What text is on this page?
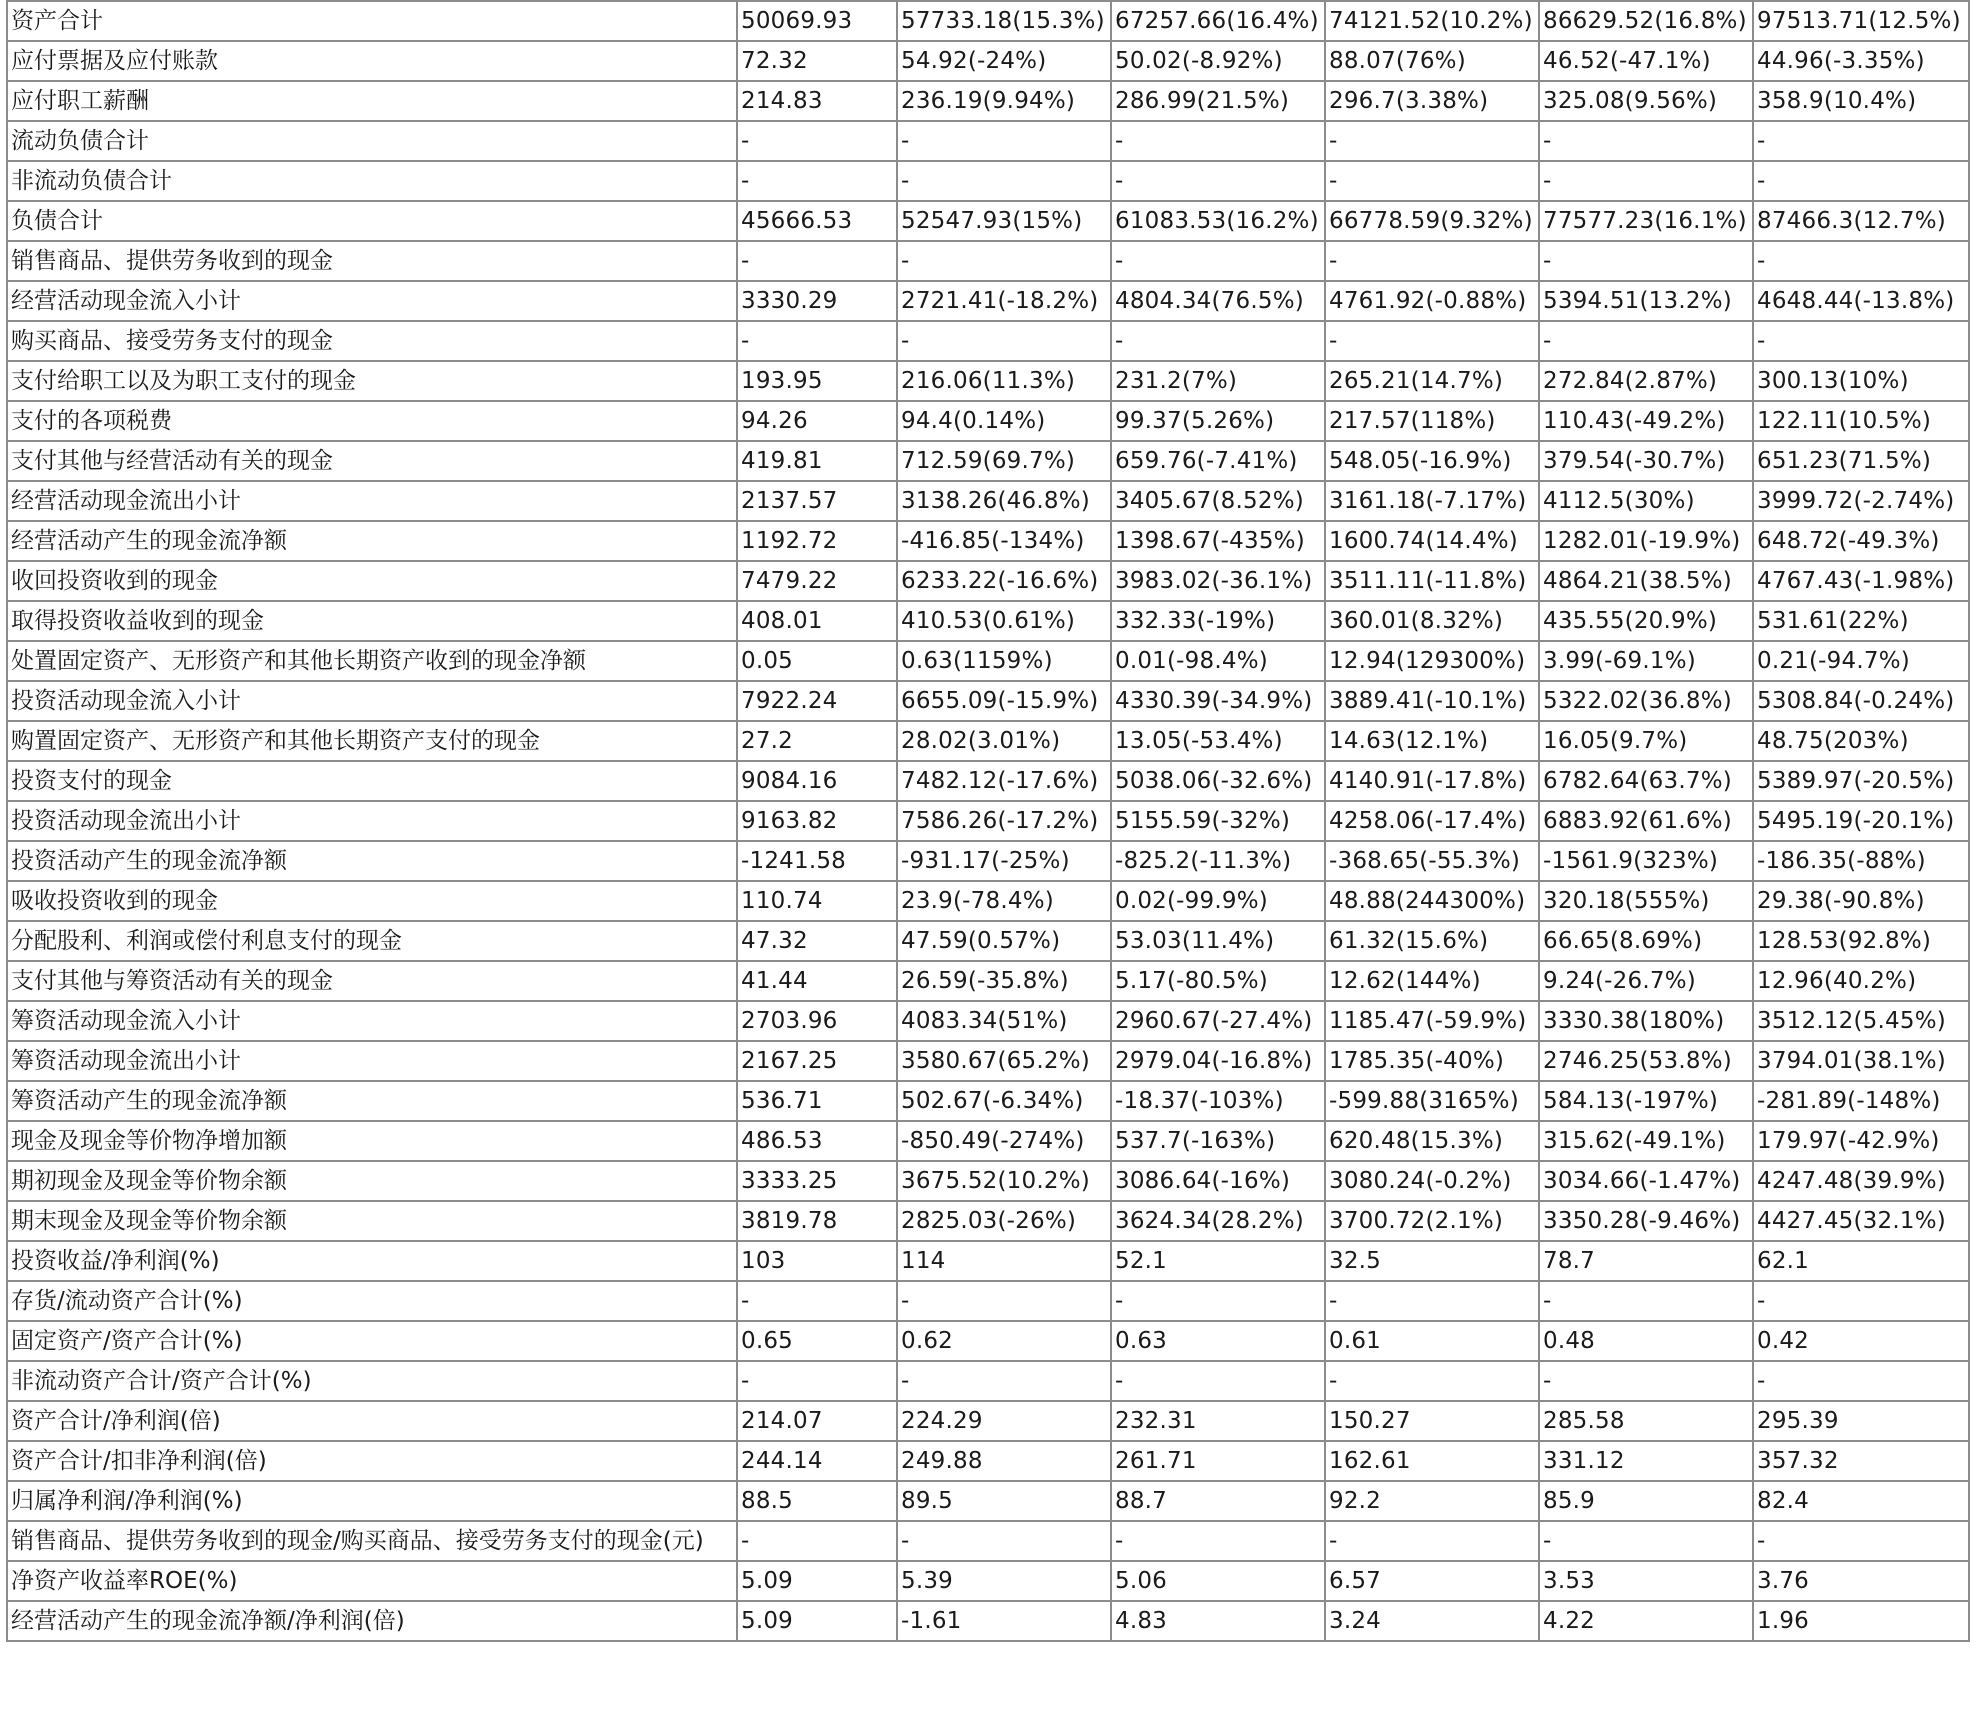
资产合计	50069.93	57733.18(15.3%)	67257.66(16.4%)	74121.52(10.2%)	86629.52(16.8%)	97513.71(12.5%)
应付票据及应付账款	72.32	54.92(-24%)	50.02(-8.92%)	88.07(76%)	46.52(-47.1%)	44.96(-3.35%)
应付职工薪酬	214.83	236.19(9.94%)	286.99(21.5%)	296.7(3.38%)	325.08(9.56%)	358.9(10.4%)
流动负债合计	-	-	-	-	-	-
非流动负债合计	-	-	-	-	-	-
负债合计	45666.53	52547.93(15%)	61083.53(16.2%)	66778.59(9.32%)	77577.23(16.1%)	87466.3(12.7%)
销售商品、提供劳务收到的现金	-	-	-	-	-	-
经营活动现金流入小计	3330.29	2721.41(-18.2%)	4804.34(76.5%)	4761.92(-0.88%)	5394.51(13.2%)	4648.44(-13.8%)
购买商品、接受劳务支付的现金	-	-	-	-	-	-
支付给职工以及为职工支付的现金	193.95	216.06(11.3%)	231.2(7%)	265.21(14.7%)	272.84(2.87%)	300.13(10%)
支付的各项税费	94.26	94.4(0.14%)	99.37(5.26%)	217.57(118%)	110.43(-49.2%)	122.11(10.5%)
支付其他与经营活动有关的现金	419.81	712.59(69.7%)	659.76(-7.41%)	548.05(-16.9%)	379.54(-30.7%)	651.23(71.5%)
经营活动现金流出小计	2137.57	3138.26(46.8%)	3405.67(8.52%)	3161.18(-7.17%)	4112.5(30%)	3999.72(-2.74%)
经营活动产生的现金流净额	1192.72	-416.85(-134%)	1398.67(-435%)	1600.74(14.4%)	1282.01(-19.9%)	648.72(-49.3%)
收回投资收到的现金	7479.22	6233.22(-16.6%)	3983.02(-36.1%)	3511.11(-11.8%)	4864.21(38.5%)	4767.43(-1.98%)
取得投资收益收到的现金	408.01	410.53(0.61%)	332.33(-19%)	360.01(8.32%)	435.55(20.9%)	531.61(22%)
处置固定资产、无形资产和其他长期资产收到的现金净额	0.05	0.63(1159%)	0.01(-98.4%)	12.94(129300%)	3.99(-69.1%)	0.21(-94.7%)
投资活动现金流入小计	7922.24	6655.09(-15.9%)	4330.39(-34.9%)	3889.41(-10.1%)	5322.02(36.8%)	5308.84(-0.24%)
购置固定资产、无形资产和其他长期资产支付的现金	27.2	28.02(3.01%)	13.05(-53.4%)	14.63(12.1%)	16.05(9.7%)	48.75(203%)
投资支付的现金	9084.16	7482.12(-17.6%)	5038.06(-32.6%)	4140.91(-17.8%)	6782.64(63.7%)	5389.97(-20.5%)
投资活动现金流出小计	9163.82	7586.26(-17.2%)	5155.59(-32%)	4258.06(-17.4%)	6883.92(61.6%)	5495.19(-20.1%)
投资活动产生的现金流净额	-1241.58	-931.17(-25%)	-825.2(-11.3%)	-368.65(-55.3%)	-1561.9(323%)	-186.35(-88%)
吸收投资收到的现金	110.74	23.9(-78.4%)	0.02(-99.9%)	48.88(244300%)	320.18(555%)	29.38(-90.8%)
分配股利、利润或偿付利息支付的现金	47.32	47.59(0.57%)	53.03(11.4%)	61.32(15.6%)	66.65(8.69%)	128.53(92.8%)
支付其他与筹资活动有关的现金	41.44	26.59(-35.8%)	5.17(-80.5%)	12.62(144%)	9.24(-26.7%)	12.96(40.2%)
筹资活动现金流入小计	2703.96	4083.34(51%)	2960.67(-27.4%)	1185.47(-59.9%)	3330.38(180%)	3512.12(5.45%)
筹资活动现金流出小计	2167.25	3580.67(65.2%)	2979.04(-16.8%)	1785.35(-40%)	2746.25(53.8%)	3794.01(38.1%)
筹资活动产生的现金流净额	536.71	502.67(-6.34%)	-18.37(-103%)	-599.88(3165%)	584.13(-197%)	-281.89(-148%)
现金及现金等价物净增加额	486.53	-850.49(-274%)	537.7(-163%)	620.48(15.3%)	315.62(-49.1%)	179.97(-42.9%)
期初现金及现金等价物余额	3333.25	3675.52(10.2%)	3086.64(-16%)	3080.24(-0.2%)	3034.66(-1.47%)	4247.48(39.9%)
期末现金及现金等价物余额	3819.78	2825.03(-26%)	3624.34(28.2%)	3700.72(2.1%)	3350.28(-9.46%)	4427.45(32.1%)
投资收益/净利润(%)	103	114	52.1	32.5	78.7	62.1
存货/流动资产合计(%)	-	-	-	-	-	-
固定资产/资产合计(%)	0.65	0.62	0.63	0.61	0.48	0.42
非流动资产合计/资产合计(%)	-	-	-	-	-	-
资产合计/净利润(倍)	214.07	224.29	232.31	150.27	285.58	295.39
资产合计/扣非净利润(倍)	244.14	249.88	261.71	162.61	331.12	357.32
归属净利润/净利润(%)	88.5	89.5	88.7	92.2	85.9	82.4
销售商品、提供劳务收到的现金/购买商品、接受劳务支付的现金(元)	-	-	-	-	-	-
净资产收益率ROE(%)	5.09	5.39	5.06	6.57	3.53	3.76
经营活动产生的现金流净额/净利润(倍)	5.09	-1.61	4.83	3.24	4.22	1.96
